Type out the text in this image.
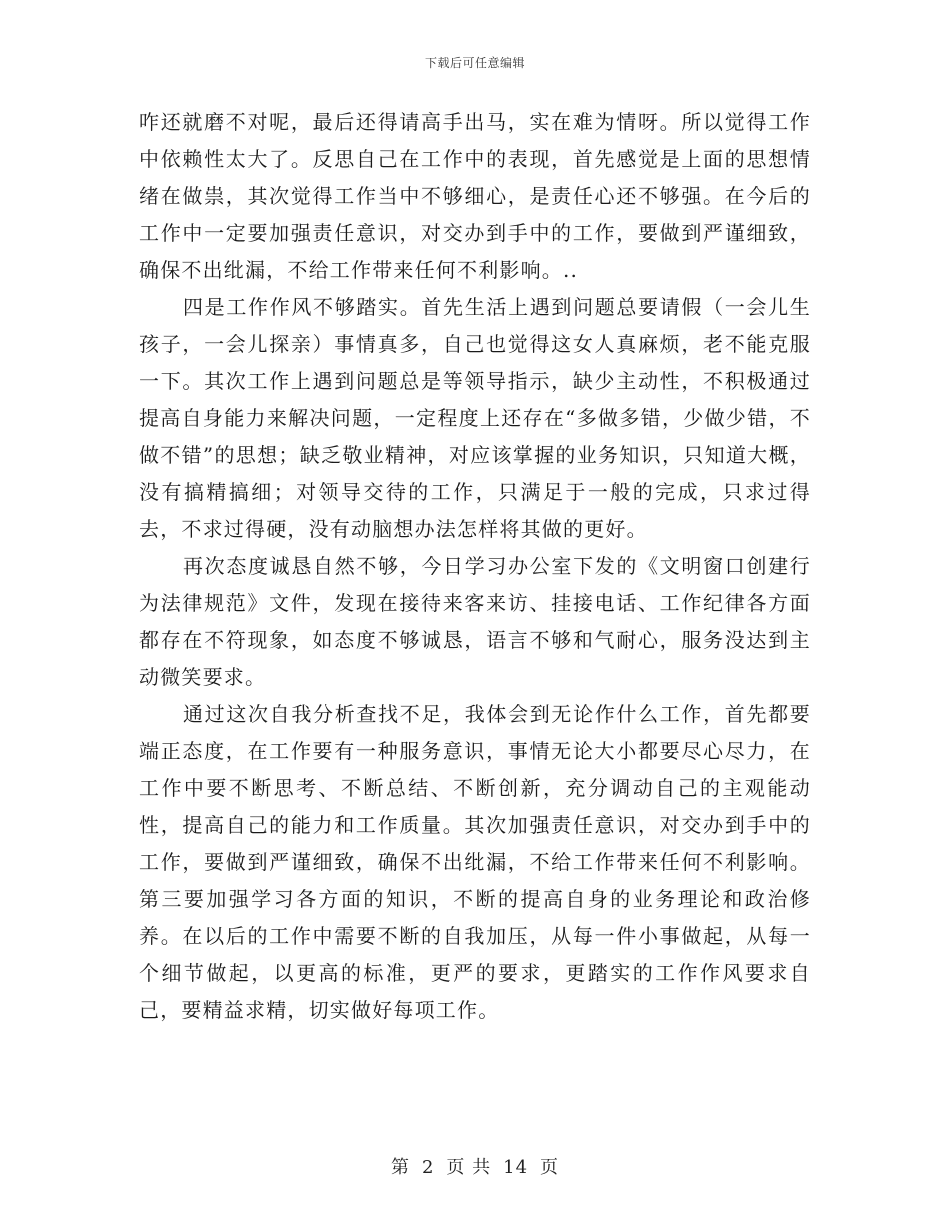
下载后可任意编辑

咋还就磨不对呢，最后还得请高手出马，实在难为情呀。所以觉得工作中依赖性太大了。反思自己在工作中的表现，首先感觉是上面的思想情绪在做祟，其次觉得工作当中不够细心，是责任心还不够强。在今后的工作中一定要加强责任意识，对交办到手中的工作，要做到严谨细致，确保不出纰漏，不给工作带来任何不利影响。..

四是工作作风不够踏实。首先生活上遇到问题总要请假（一会儿生孩子，一会儿探亲）事情真多，自己也觉得这女人真麻烦，老不能克服一下。其次工作上遇到问题总是等领导指示，缺少主动性，不积极通过提高自身能力来解决问题，一定程度上还存在“多做多错，少做少错，不做不错”的思想；缺乏敬业精神，对应该掌握的业务知识，只知道大概，没有搞精搞细；对领导交待的工作，只满足于一般的完成，只求过得去，不求过得硬，没有动脑想办法怎样将其做的更好。

再次态度诚恳自然不够，今日学习办公室下发的《文明窗口创建行为法律规范》文件，发现在接待来客来访、挂接电话、工作纪律各方面都存在不符现象，如态度不够诚恳，语言不够和气耐心，服务没达到主动微笑要求。

通过这次自我分析查找不足，我体会到无论作什么工作，首先都要端正态度，在工作要有一种服务意识，事情无论大小都要尽心尽力，在工作中要不断思考、不断总结、不断创新，充分调动自己的主观能动性，提高自己的能力和工作质量。其次加强责任意识，对交办到手中的工作，要做到严谨细致，确保不出纰漏，不给工作带来任何不利影响。第三要加强学习各方面的知识，不断的提高自身的业务理论和政治修养。在以后的工作中需要不断的自我加压，从每一件小事做起，从每一个细节做起，以更高的标准，更严的要求，更踏实的工作作风要求自己，要精益求精，切实做好每项工作。

第 2 页 共 14 页
